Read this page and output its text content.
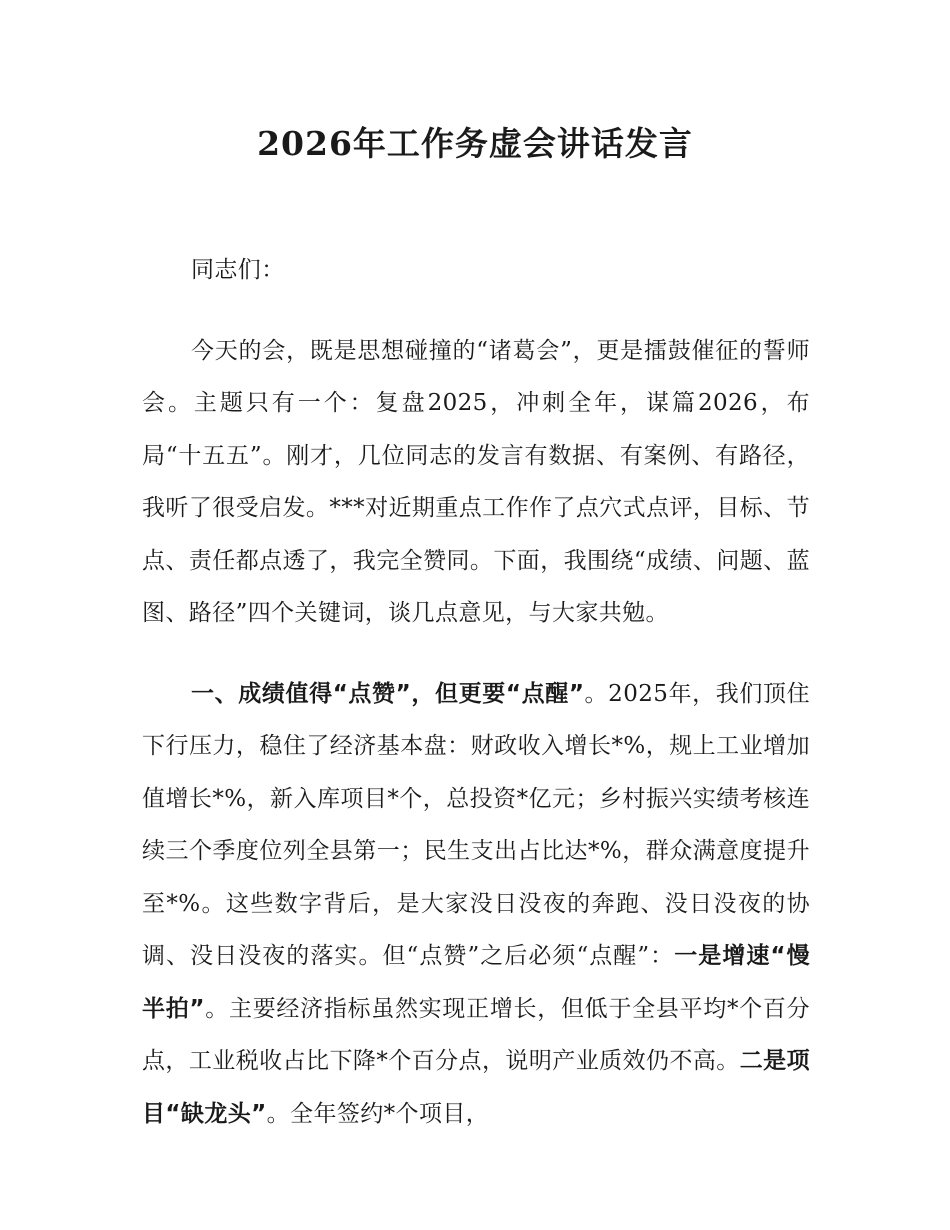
2026年工作务虚会讲话发言

同志们：

今天的会，既是思想碰撞的“诸葛会”，更是擂鼓催征的誓师会。主题只有一个：复盘2025，冲刺全年，谋篇2026，布局“十五五”。刚才，几位同志的发言有数据、有案例、有路径，我听了很受启发。***对近期重点工作作了点穴式点评，目标、节点、责任都点透了，我完全赞同。下面，我围绕“成绩、问题、蓝图、路径”四个关键词，谈几点意见，与大家共勉。

一、成绩值得“点赞”，但更要“点醒”。2025年，我们顶住下行压力，稳住了经济基本盘：财政收入增长*%，规上工业增加值增长*%，新入库项目*个，总投资*亿元；乡村振兴实绩考核连续三个季度位列全县第一；民生支出占比达*%，群众满意度提升至*%。这些数字背后，是大家没日没夜的奔跑、没日没夜的协调、没日没夜的落实。但“点赞”之后必须“点醒”：一是增速“慢半拍”。主要经济指标虽然实现正增长，但低于全县平均*个百分点，工业税收占比下降*个百分点，说明产业质效仍不高。二是项目“缺龙头”。全年签约*个项目，
